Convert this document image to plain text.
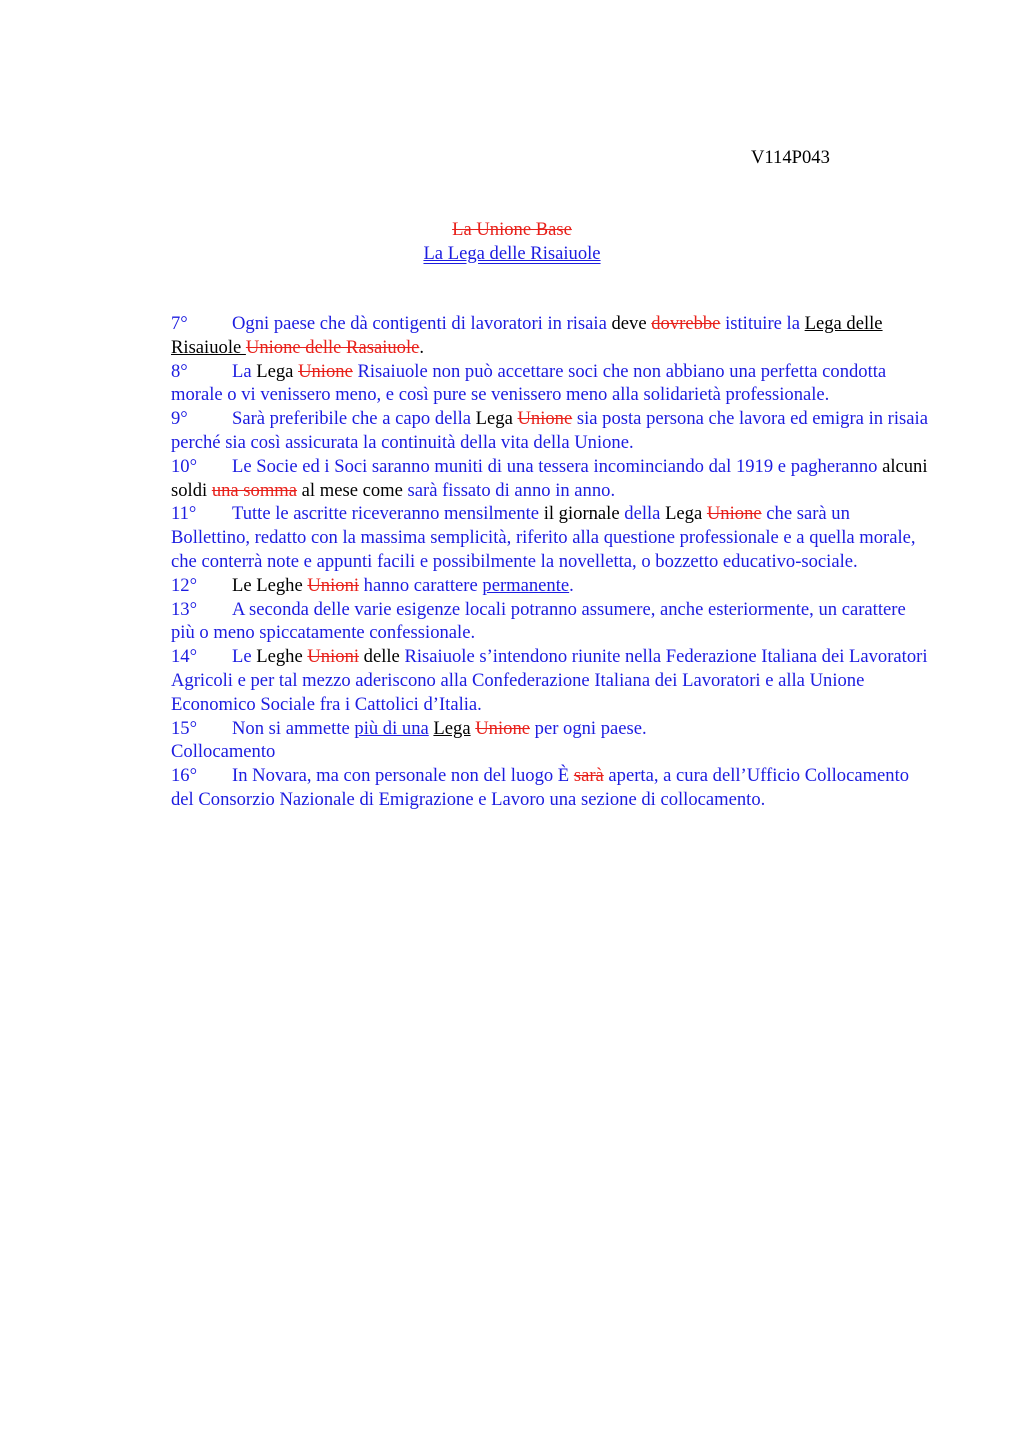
V114P043
La Unione Base
La Lega delle Risaiuole

7° Ogni paese che dà contigenti di lavoratori in risaia deve dovrebbe istituire la Lega delle Risaiuole Unione delle Rasaiuole.

8° La Lega Unione Risaiuole non può accettare soci che non abbiano una perfetta condotta morale o vi venissero meno, e così pure se venissero meno alla solidarietà professionale.

9° Sarà preferibile che a capo della Lega Unione sia posta persona che lavora ed emigra in risaia perché sia così assicurata la continuità della vita della Unione.

10° Le Socie ed i Soci saranno muniti di una tessera incominciando dal 1919 e pagheranno alcuni soldi una somma al mese come sarà fissato di anno in anno.

11° Tutte le ascritte riceveranno mensilmente il giornale della Lega Unione che sarà un Bollettino, redatto con la massima semplicità, riferito alla questione professionale e a quella morale, che conterrà note e appunti facili e possibilmente la novelletta, o bozzetto educativo-sociale.

12° Le Leghe Unioni hanno carattere permanente.

13° A seconda delle varie esigenze locali potranno assumere, anche esteriormente, un carattere più o meno spiccatamente confessionale.

14° Le Leghe Unioni delle Risaiuole s’intendono riunite nella Federazione Italiana dei Lavoratori Agricoli e per tal mezzo aderiscono alla Confederazione Italiana dei Lavoratori e alla Unione Economico Sociale fra i Cattolici d’Italia.

15° Non si ammette più di una Lega Unione per ogni paese.

Collocamento

16° In Novara, ma con personale non del luogo È sarà aperta, a cura dell’Ufficio Collocamento del Consorzio Nazionale di Emigrazione e Lavoro una sezione di collocamento.
